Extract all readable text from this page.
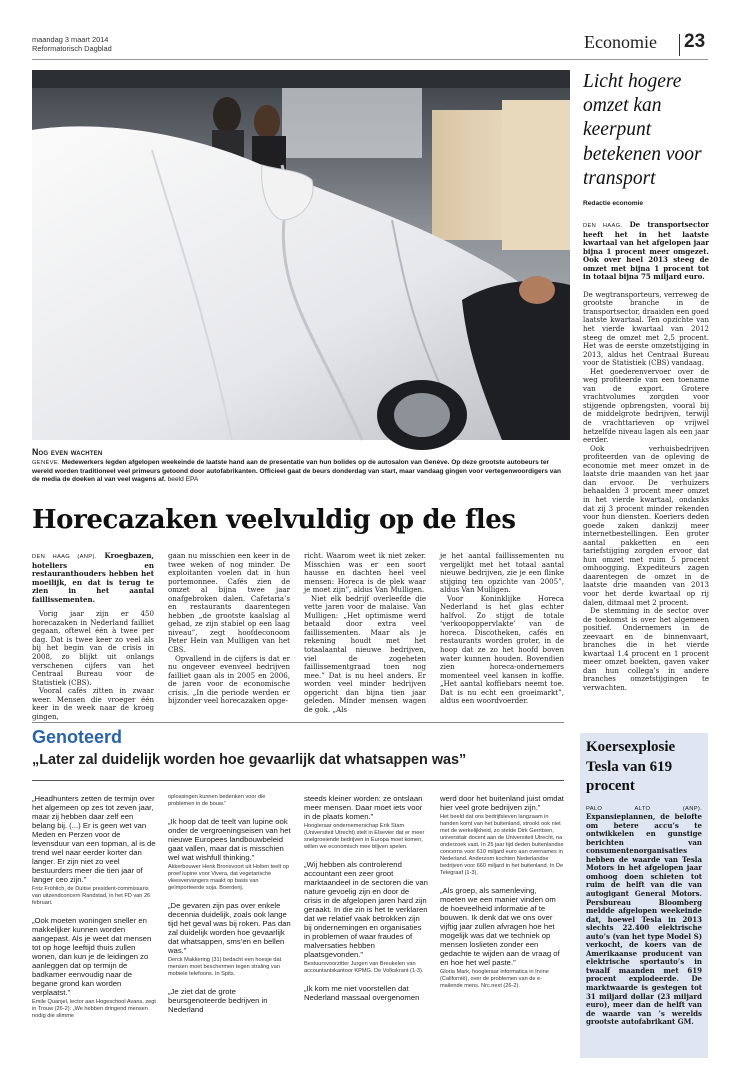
maandag 3 maart 2014
Reformatorisch Dagblad	Economie 23
Nog even wachten
GENÈVE. Medewerkers legden afgelopen weekeinde de laatste hand aan de presentatie van hun bolides op de autosalon van Genève. Op deze grootste autobeurs ter wereld worden traditioneel veel primeurs getoond door autofabrikanten. Officieel gaat de beurs donderdag van start, maar vandaag gingen voor vertegenwoordigers van de media de doeken al van veel wagens af. beeld EPA
Horecazaken veelvuldig op de fles

DEN HAAG (ANP). Kroegbazen, hoteliers en restauranthouders hebben het moeilijk, en dat is terug te zien in het aantal faillissementen.

Vorig jaar zijn er 450 horecazaken in Nederland failliet gegaan, oftewel één à twee per dag. Dat is twee keer zo veel als bij het begin van de crisis in 2008, zo blijkt uit onlangs verschenen cijfers van het Centraal Bureau voor de Statistiek (CBS).

Vooral cafés zitten in zwaar weer. Mensen die vroeger één keer in de week naar de kroeg gingen,

gaan nu misschien een keer in de twee weken of nog minder. De exploitanten voelen dat in hun portemonnee. Cafés zien de omzet al bijna twee jaar onafgebroken dalen. Cafetaria’s en restaurants daarentegen hebben „de grootste kaalslag al gehad, ze zijn stabiel op een laag niveau”, zegt hoofdeconoom Peter Hein van Mulligen van het CBS.

Opvallend in de cijfers is dat er nu ongeveer evenveel bedrijven failliet gaan als in 2005 en 2006, de jaren voor de economische crisis. „In die periode werden er bijzonder veel horecazaken opge-

richt. Waarom weet ik niet zeker. Misschien was er een soort hausse en dachten heel veel mensen: Horeca is de plek waar je moet zijn”, aldus Van Mulligen.

Niet elk bedrijf overleefde die vette jaren voor de malaise. Van Mulligen: „Het optimisme werd betaald door extra veel faillissementen. Maar als je rekening houdt met het totaalaantal nieuwe bedrijven, viel de zogeheten faillissementgraad toen nog mee.” Dat is nu heel anders. Er worden veel minder bedrijven opgericht dan bijna tien jaar geleden. Minder mensen wagen de gok. „Als

je het aantal faillissementen nu vergelijkt met het totaal aantal nieuwe bedrijven, zie je een flinke stijging ten opzichte van 2005”, aldus Van Mulligen.

Voor Koninklijke Horeca Nederland is het glas echter halfvol. Zo stijgt de totale ‘verkoopoppervlakte’ van de horeca. Discotheken, cafés en restaurants worden groter, in de hoop dat ze zo het hoofd boven water kunnen houden. Bovendien zien horeca-ondernemers momenteel veel kansen in koffie. „Het aantal koffiebars neemt toe. Dat is nu echt een groeimarkt”, aldus een woordvoerder.

Licht hogere omzet kan keerpunt betekenen voor transport
Redactie economie

DEN HAAG. De transportsector heeft het in het laatste kwartaal van het afgelopen jaar bijna 1 procent meer omgezet. Ook over heel 2013 steeg de omzet met bijna 1 procent tot in totaal bijna 75 miljard euro.

De wegtransporteurs, verreweg de grootste branche in de transportsector, draaiden een goed laatste kwartaal. Ten opzichte van het vierde kwartaal van 2012 steeg de omzet met 2,5 procent. Het was de eerste omzetstijging in 2013, aldus het Centraal Bureau voor de Statistiek (CBS) vandaag.

Het goederenvervoer over de weg profiteerde van een toename van de export. Grotere vrachtvolumes zorgden voor stijgende opbrengsten, vooral bij de middelgrote bedrijven, terwijl de vrachttarieven op vrijwel hetzelfde niveau lagen als een jaar eerder.

Ook verhuisbedrijven profiteerden van de opleving de economie met meer omzet in de laatste drie maanden van het jaar dan ervoor. De verhuizers behaalden 3 procent meer omzet in het vierde kwartaal, ondanks dat zij 3 procent minder rekenden voor hun diensten. Koeriers deden goede zaken dankzij meer internetbestellingen. Een groter aantal pakketten en een tariefstijging zorgden ervoor dat hun omzet met ruim 5 procent omhoogging. Expediteurs zagen daarentegen de omzet in de laatste drie maanden van 2013 voor het derde kwartaal op rij dalen, ditmaal met 2 procent.

De stemming in de sector over de toekomst is over het algemeen positief. Ondernemers in de zeevaart en de binnenvaart, branches die in het vierde kwartaal 1.4 procent en 1 procent meer omzet boekten, gaven vaker dan hun collega’s in andere branches omzetstijgingen te verwachten.

Genoteerd
„Later zal duidelijk worden hoe gevaarlijk dat whatsappen was”
„Headhunters zetten de termijn over het algemeen op zes tot zeven jaar, maar zij hebben daar zelf een belang bij. (...) Er is geen wet van Meden en Perzen voor de levensduur van een topman, al is de trend wel naar eerder korter dan langer. Er zijn niet zo veel bestuurders meer die tien jaar of langer ceo zijn.”
Fritz Fröhlich, de Duitse president-commissaris van uitzendconcern Randstad, in het FD van 26 februari.
„Ook moeten woningen sneller en makkelijker kunnen worden aangepast. Als je weet dat mensen tot op hoge leeftijd thuis zullen wonen, dan kun je de leidingen zo aanleggen dat op termijn de badkamer eenvoudig naar de begane grond kan worden verplaatst.”
Emile Quanjel, lector aan Hogeschool Avans, zegt in Trouw (26-2): „We hebben dringend mensen nodig die slimme
oplossingen kunnen bedenken voor die problemen in de bouw.”
„Ik hoop dat de teelt van lupine ook onder de vergroeningseisen van het nieuwe Europees landbouwbeleid gaat vallen, maar dat is misschien wel wat wishfull thinking.”
Akkerbouwer Henk Bronsvoort uit Holten teelt op proef lupine voor Vivera, dat vegetarische vleesvervangers maakt op basis van geïmporteerde soja. Boerderij.
„De gevaren zijn pas over enkele decennia duidelijk, zoals ook lange tijd het geval was bij roken. Pas dan zal duidelijk worden hoe gevaarlijk dat whatsappen, sms’en en bellen was.”
Derck Makkering (31) bedacht een hoesje dat mensen moet beschermen tegen straling van mobiele telefoons. In Spits.
„Je ziet dat de grote beursgenoteerde bedrijven in Nederland
steeds kleiner worden: ze ontslaan meer mensen. Daar moet iets voor in de plaats komen.”
Hoogleraar ondernemerschap Erik Stam (Universiteit Utrecht) stelt in Elsevier dat er meer snelgroeiende bedrijven in Europa moet komen, willen we economisch mee blijven spelen.
„Wij hebben als controlerend accountant een zeer groot marktaandeel in de sectoren die van nature gevoelig zijn en door de crisis in de afgelopen jaren hard zijn geraakt. In die zin is het te verklaren dat we relatief vaak betrokken zijn bij ondernemingen en organisaties in problemen of waar fraudes of malversaties hebben plaatsgevonden.”
Bestuursvoorzitter Jurgen van Breukelen van accountantskantoor KPMG. De Volkskrant (1-3).
„Ik kom me niet voorstellen dat Nederland massaal overgenomen
werd door het buitenland juist omdat hier veel grote bedrijven zijn.”
Het beeld dat ons bedrijfsleven langzaam in handen komt van het buitenland, strookt ook niet met de werkelijkheid, zo stelde Dirk Gerritsen, universitair docent aan de Universiteit Utrecht, na onderzoek vast. In 25 jaar tijd deden buitenlandse concerns voor 610 miljard euro aan overnames in Nederland. Anderzom kochten Nederlandse bedrijven voor 660 miljard in het buitenland. In De Telegraaf (1-3).
„Als groep, als samenleving, moeten we een manier vinden om de hoeveelheid informatie af te bouwen. Ik denk dat we ons over vijftig jaar zullen afvragen hoe het mogelijk was dat we techniek op mensen loslieten zonder een gedachte te wijden aan de vraag of en hoe het wel paste.”
Gloria Mark, hoogleraar informatica in Irvine (Californië), over de problemen van de e-mailende mens. Nrc.next (26-2).
Koersexplosie Tesla van 619 procent
PALO ALTO (ANP). Expansieplannen, de belofte om betere accu’s te ontwikkelen en gunstige berichten van consumentenorganisaties hebben de waarde van Tesla Motors in het afgelopen jaar omhoog doen schieten tot ruim de helft van die van autogigant General Motors. Persbureau Bloomberg meldde afgelopen weekeinde dat, hoewel Tesla in 2013 slechts 22.400 elektrische auto’s (van het type Model S) verkocht, de koers van de Amerikaanse producent van elektrische sportauto’s in twaalf maanden met 619 procent explodeerde. De marktwaarde is gestegen tot 31 miljard dollar (23 miljard euro), meer dan de helft van de waarde van ’s werelds grootste autofabrikant GM.
